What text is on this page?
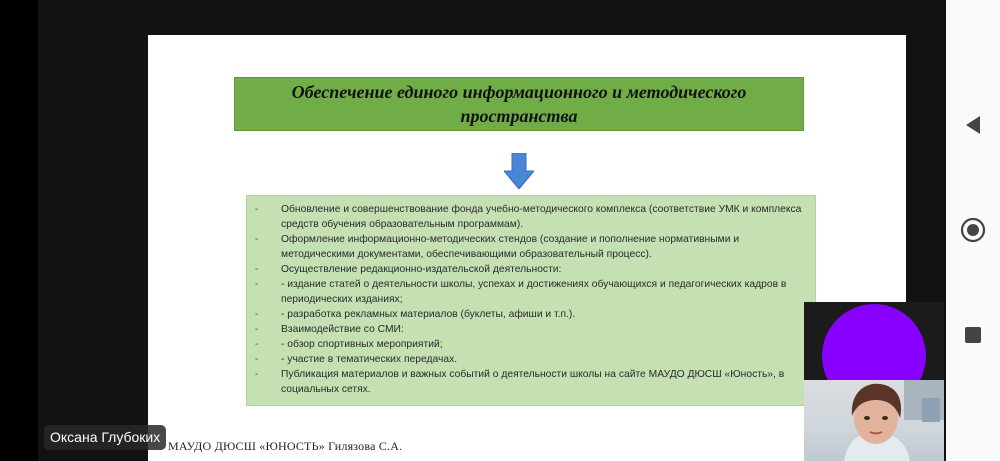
Обеспечение единого информационного и методического пространства
-	Обновление и совершенствование фонда учебно-методического комплекса (соответствие УМК и комплекса средств обучения образовательным программам).
-	Оформление информационно-методических стендов (создание и пополнение нормативными и методическими документами, обеспечивающими образовательный процесс).
-	Осуществление редакционно-издательской деятельности:
-	- издание статей о деятельности школы, успехах и достижениях обучающихся и педагогических кадров в периодических изданиях;
-	- разработка рекламных материалов (буклеты, афиши и т.п.).
-	Взаимодействие со СМИ:
-	- обзор спортивных мероприятий;
-	- участие в тематических передачах.
-	Публикация материалов и важных событий о деятельности школы на сайте МАУДО ДЮСШ «Юность», в социальных сетях.
МАУДО ДЮСШ «ЮНОСТЬ» Гилязова С.А.
Оксана Глубоких
